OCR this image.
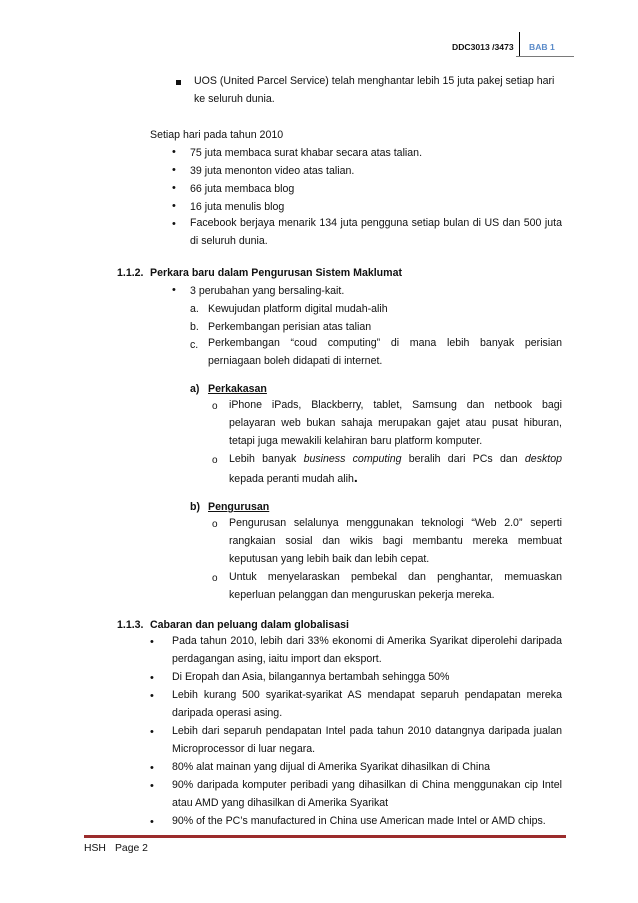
DDC3013 /3473 BAB 1
UOS (United Parcel Service) telah menghantar lebih 15 juta pakej setiap hari
ke seluruh dunia.
Setiap hari pada tahun 2010
• 75 juta membaca surat khabar secara atas talian.
• 39 juta menonton video atas talian.
• 66 juta membaca blog
• 16 juta menulis blog
• Facebook berjaya menarik 134 juta pengguna setiap bulan di US dan 500 juta di seluruh dunia.
1.1.2. Perkara baru dalam Pengurusan Sistem Maklumat
• 3 perubahan yang bersaling-kait.
a. Kewujudan platform digital mudah-alih
b. Perkembangan perisian atas talian
c. Perkembangan “coud computing” di mana lebih banyak perisian perniagaan boleh didapati di internet.
a) Perkakasan
o iPhone iPads, Blackberry, tablet, Samsung dan netbook bagi pelayaran web bukan sahaja merupakan gajet atau pusat hiburan, tetapi juga mewakili kelahiran baru platform komputer.
o Lebih banyak business computing beralih dari PCs dan desktop kepada peranti mudah alih.
b) Pengurusan
o Pengurusan selalunya menggunakan teknologi “Web 2.0” seperti rangkaian sosial dan wikis bagi membantu mereka membuat keputusan yang lebih baik dan lebih cepat.
o Untuk menyelaraskan pembekal dan penghantar, memuaskan keperluan pelanggan dan menguruskan pekerja mereka.
1.1.3. Cabaran dan peluang dalam globalisasi
• Pada tahun 2010, lebih dari 33% ekonomi di Amerika Syarikat diperolehi daripada perdagangan asing, iaitu import dan eksport.
• Di Eropah dan Asia, bilangannya bertambah sehingga 50%
• Lebih kurang 500 syarikat-syarikat AS mendapat separuh pendapatan mereka daripada operasi asing.
• Lebih dari separuh pendapatan Intel pada tahun 2010 datangnya daripada jualan Microprocessor di luar negara.
• 80% alat mainan yang dijual di Amerika Syarikat dihasilkan di China
• 90% daripada komputer peribadi yang dihasilkan di China menggunakan cip Intel atau AMD yang dihasilkan di Amerika Syarikat
• 90% of the PC’s manufactured in China use American made Intel or AMD chips.
HSH Page 2
